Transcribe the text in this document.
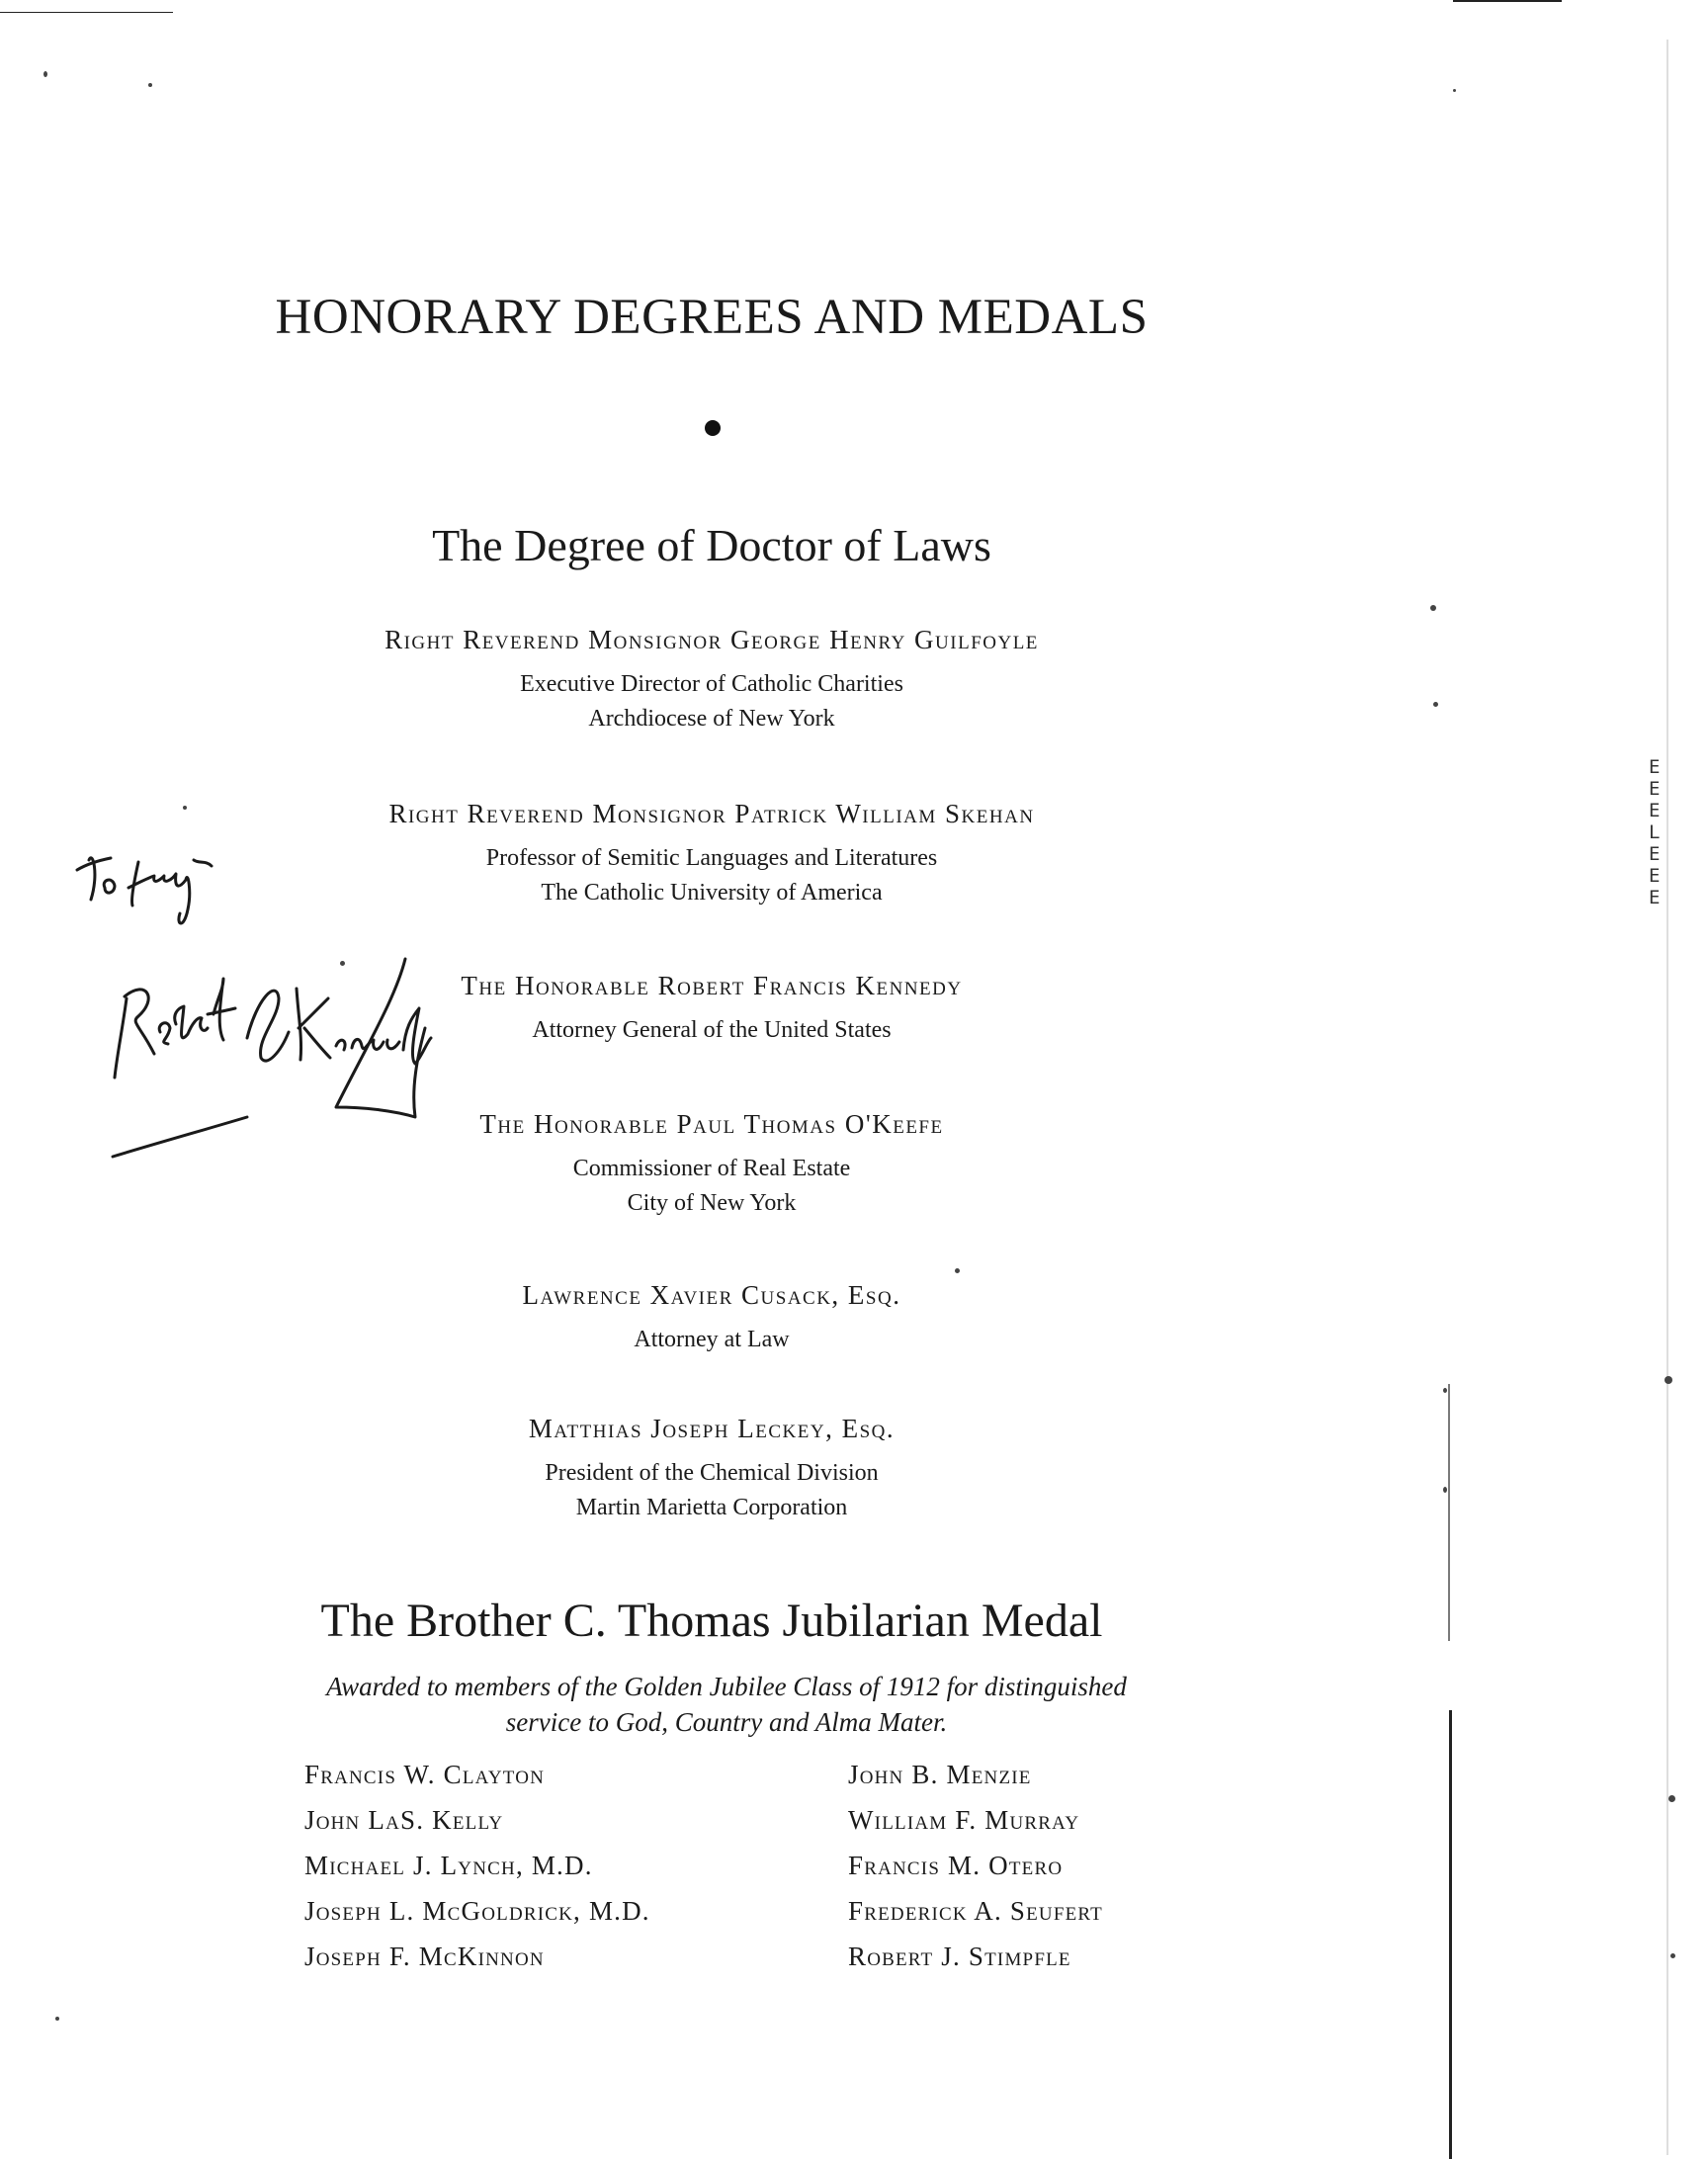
HONORARY DEGREES AND MEDALS
The Degree of Doctor of Laws

Right Reverend Monsignor George Henry Guilfoyle

Executive Director of Catholic Charities

Archdiocese of New York

Right Reverend Monsignor Patrick William Skehan

Professor of Semitic Languages and Literatures

The Catholic University of America

The Honorable Robert Francis Kennedy

Attorney General of the United States

The Honorable Paul Thomas O'Keefe

Commissioner of Real Estate

City of New York

Lawrence Xavier Cusack, Esq.

Attorney at Law

Matthias Joseph Leckey, Esq.

President of the Chemical Division

Martin Marietta Corporation

The Brother C. Thomas Jubilarian Medal

Awarded to members of the Golden Jubilee Class of 1912 for distinguished
service to God, Country and Alma Mater.

Francis W. Clayton
John LaS. Kelly
Michael J. Lynch, M.D.
Joseph L. McGoldrick, M.D.
Joseph F. McKinnon
John B. Menzie
William F. Murray
Francis M. Otero
Frederick A. Seufert
Robert J. Stimpfle
E
E
E
L
E
E
E
